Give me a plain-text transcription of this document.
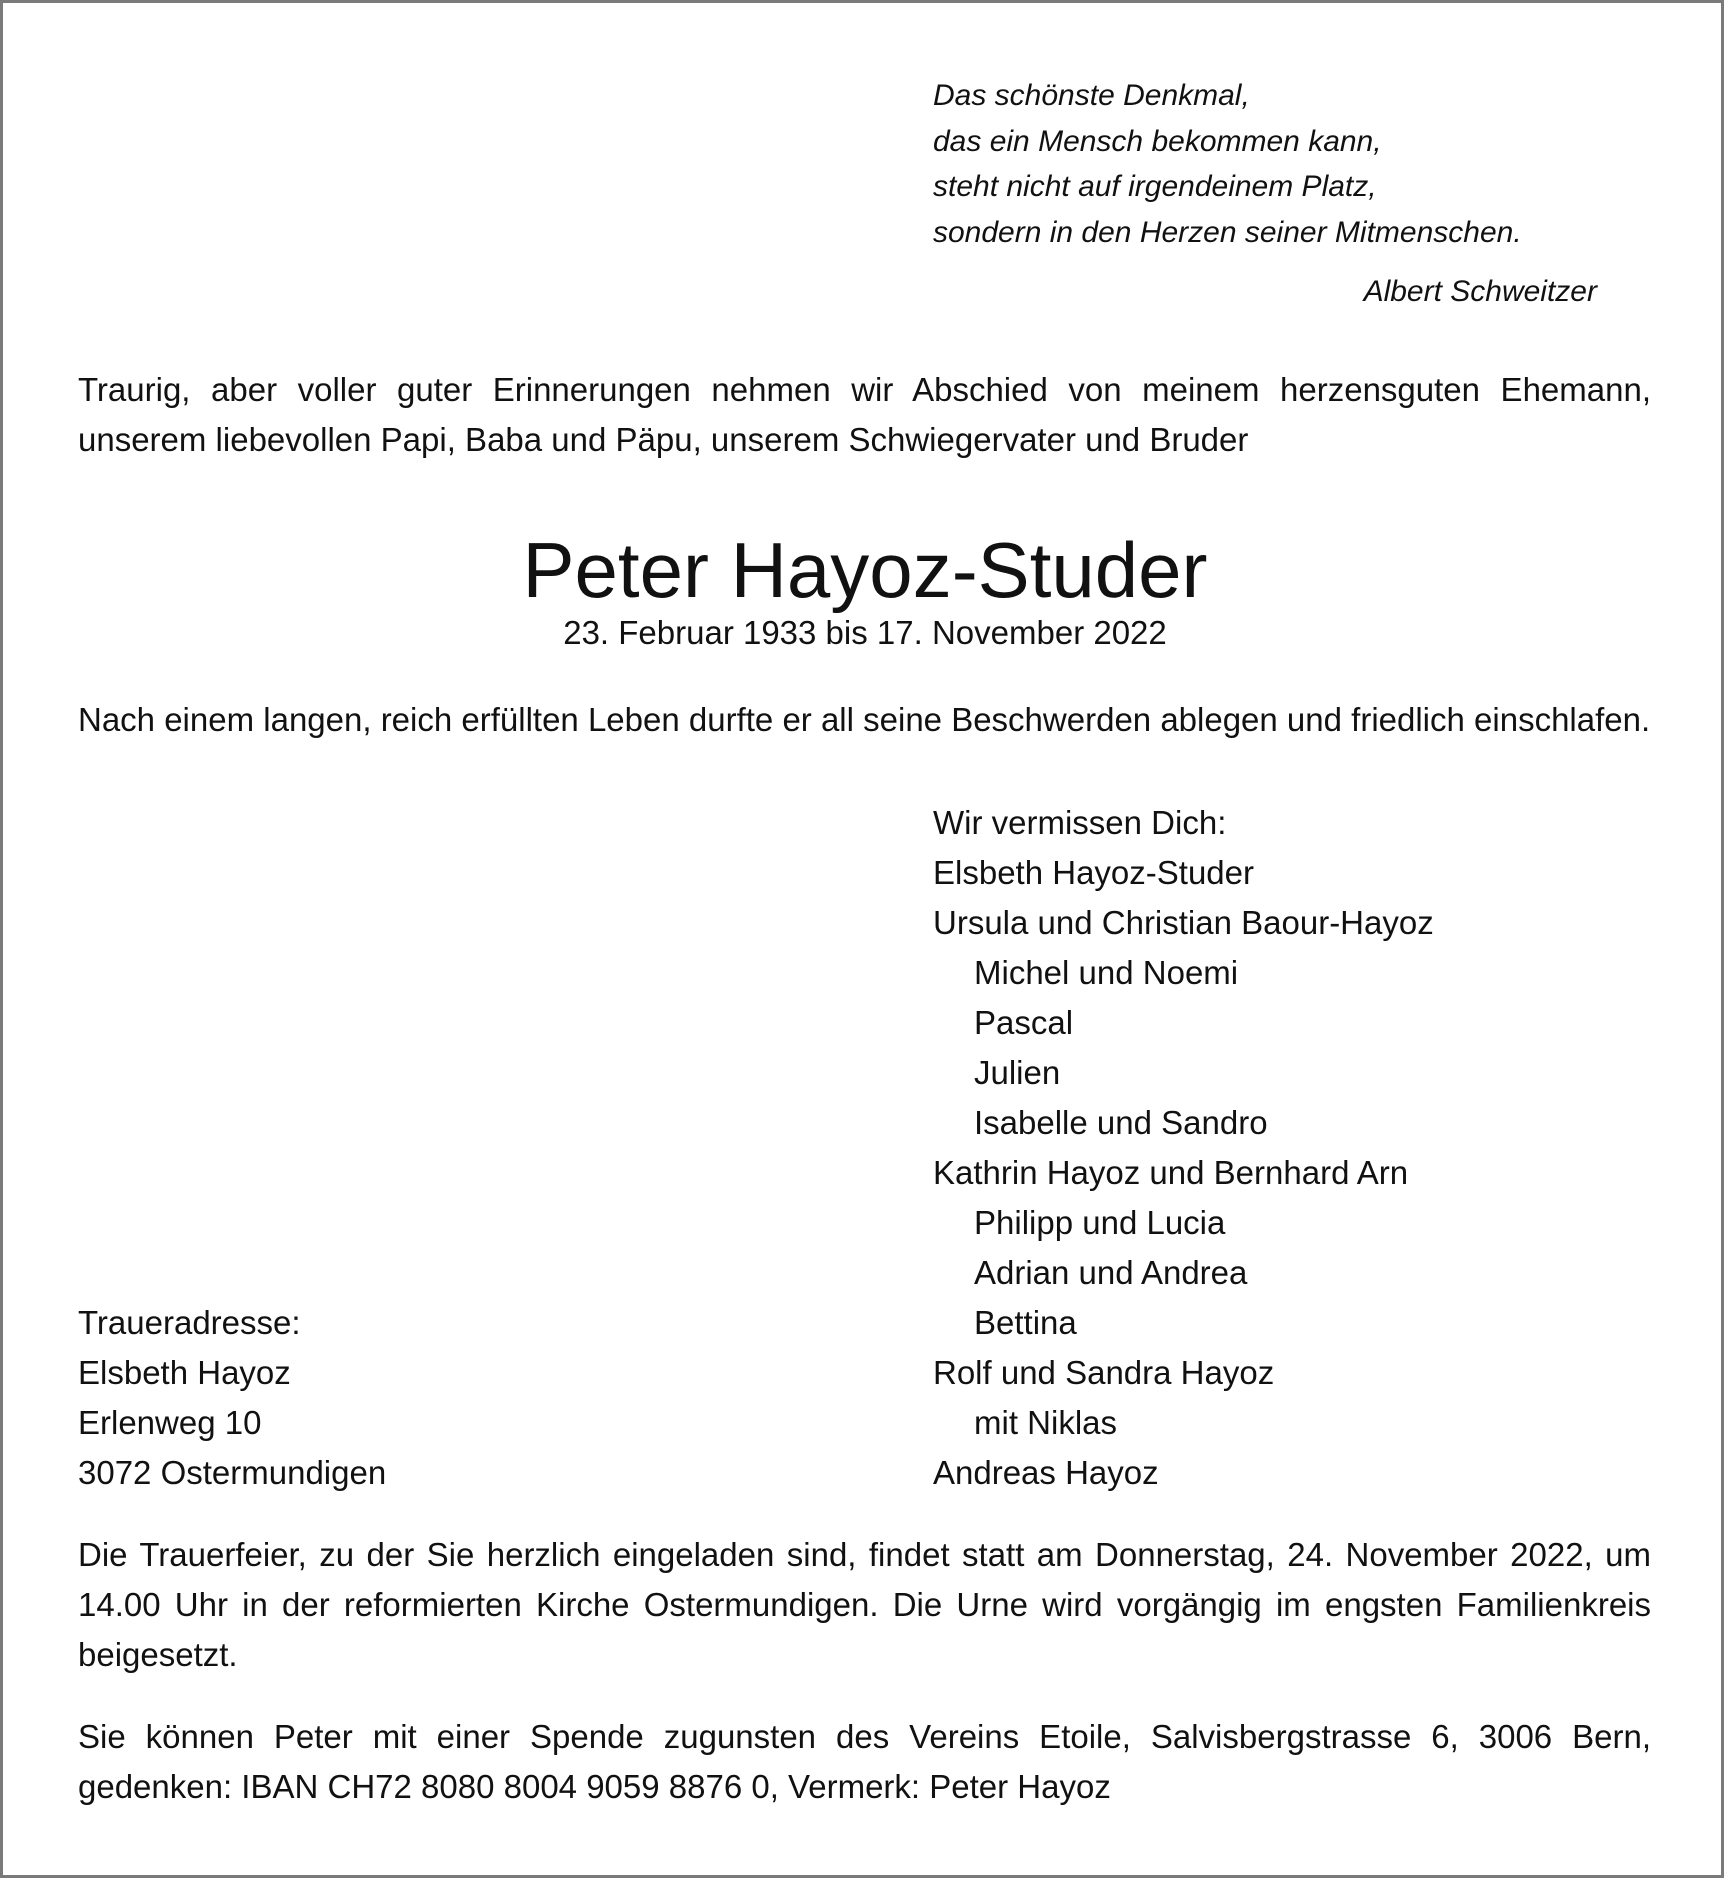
Das schönste Denkmal,
das ein Mensch bekommen kann,
steht nicht auf irgendeinem Platz,
sondern in den Herzen seiner Mitmenschen.
Albert Schweitzer
Traurig, aber voller guter Erinnerungen nehmen wir Abschied von meinem herzensguten Ehemann, unserem liebevollen Papi, Baba und Päpu, unserem Schwiegervater und Bruder
Peter Hayoz-Studer
23. Februar 1933 bis 17. November 2022
Nach einem langen, reich erfüllten Leben durfte er all seine Beschwerden ablegen und friedlich einschlafen.
Wir vermissen Dich:
Elsbeth Hayoz-Studer
Ursula und Christian Baour-Hayoz
Michel und Noemi
Pascal
Julien
Isabelle und Sandro
Kathrin Hayoz und Bernhard Arn
Philipp und Lucia
Adrian und Andrea
Bettina
Rolf und Sandra Hayoz
mit Niklas
Andreas Hayoz
Traueradresse:
Elsbeth Hayoz
Erlenweg 10
3072 Ostermundigen
Die Trauerfeier, zu der Sie herzlich eingeladen sind, findet statt am Donnerstag, 24. November 2022, um 14.00 Uhr in der reformierten Kirche Ostermundigen. Die Urne wird vorgängig im engsten Familienkreis beigesetzt.
Sie können Peter mit einer Spende zugunsten des Vereins Etoile, Salvisbergstrasse 6, 3006 Bern, gedenken: IBAN CH72 8080 8004 9059 8876 0, Vermerk: Peter Hayoz
